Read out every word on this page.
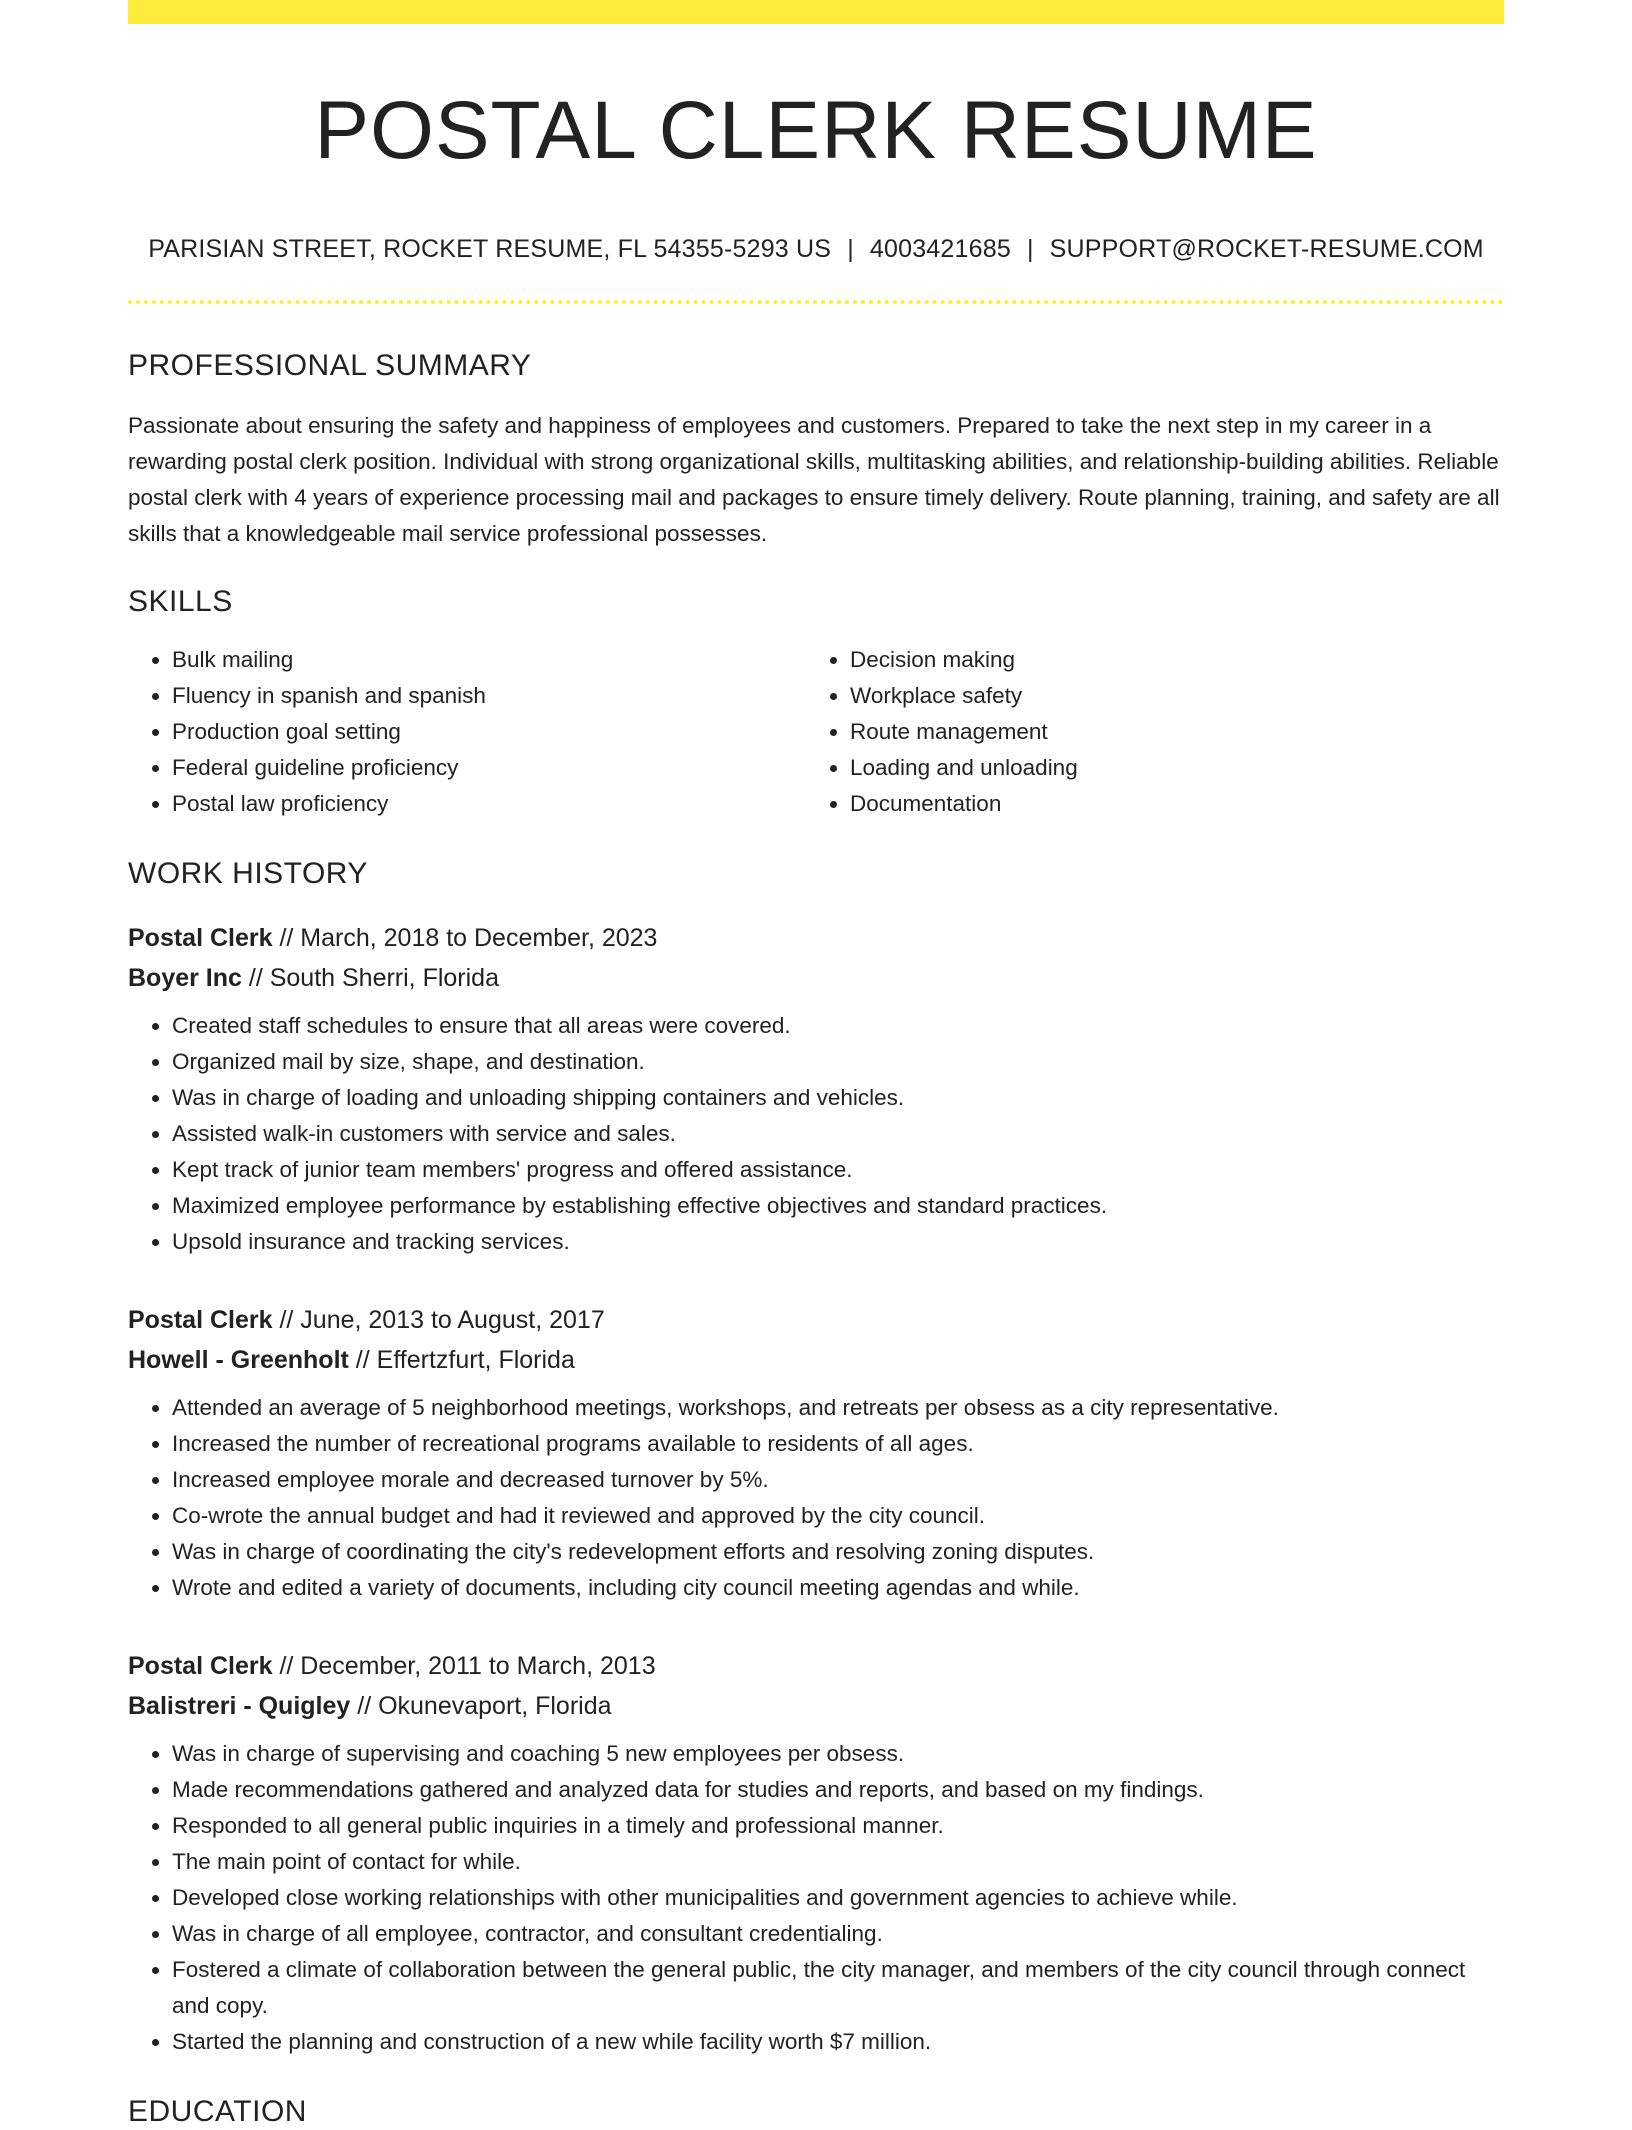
POSTAL CLERK RESUME
PARISIAN STREET, ROCKET RESUME, FL 54355-5293 US | 4003421685 | SUPPORT@ROCKET-RESUME.COM
PROFESSIONAL SUMMARY

Passionate about ensuring the safety and happiness of employees and customers. Prepared to take the next step in my career in a rewarding postal clerk position. Individual with strong organizational skills, multitasking abilities, and relationship-building abilities. Reliable postal clerk with 4 years of experience processing mail and packages to ensure timely delivery. Route planning, training, and safety are all skills that a knowledgeable mail service professional possesses.

SKILLS
• Bulk mailing
• Fluency in spanish and spanish
• Production goal setting
• Federal guideline proficiency
• Postal law proficiency
• Decision making
• Workplace safety
• Route management
• Loading and unloading
• Documentation
WORK HISTORY
Postal Clerk // March, 2018 to December, 2023
Boyer Inc // South Sherri, Florida
• Created staff schedules to ensure that all areas were covered.
• Organized mail by size, shape, and destination.
• Was in charge of loading and unloading shipping containers and vehicles.
• Assisted walk-in customers with service and sales.
• Kept track of junior team members' progress and offered assistance.
• Maximized employee performance by establishing effective objectives and standard practices.
• Upsold insurance and tracking services.
Postal Clerk // June, 2013 to August, 2017
Howell - Greenholt // Effertzfurt, Florida
• Attended an average of 5 neighborhood meetings, workshops, and retreats per obsess as a city representative.
• Increased the number of recreational programs available to residents of all ages.
• Increased employee morale and decreased turnover by 5%.
• Co-wrote the annual budget and had it reviewed and approved by the city council.
• Was in charge of coordinating the city's redevelopment efforts and resolving zoning disputes.
• Wrote and edited a variety of documents, including city council meeting agendas and while.
Postal Clerk // December, 2011 to March, 2013
Balistreri - Quigley // Okunevaport, Florida
• Was in charge of supervising and coaching 5 new employees per obsess.
• Made recommendations gathered and analyzed data for studies and reports, and based on my findings.
• Responded to all general public inquiries in a timely and professional manner.
• The main point of contact for while.
• Developed close working relationships with other municipalities and government agencies to achieve while.
• Was in charge of all employee, contractor, and consultant credentialing.
• Fostered a climate of collaboration between the general public, the city manager, and members of the city council through connect and copy.
• Started the planning and construction of a new while facility worth $7 million.
EDUCATION
